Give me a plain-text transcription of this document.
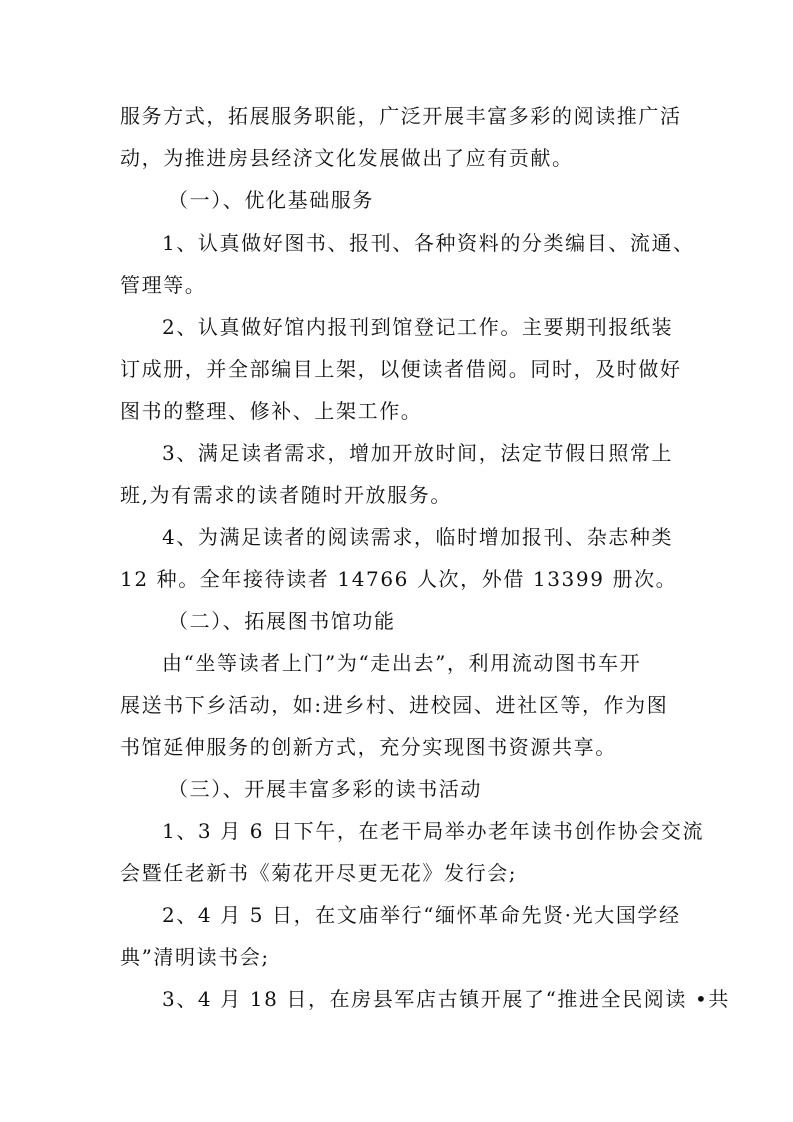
服务方式，拓展服务职能，广泛开展丰富多彩的阅读推广活
动，为推进房县经济文化发展做出了应有贡献。
（一）、优化基础服务
1、认真做好图书、报刊、各种资料的分类编目、流通、
管理等。
2、认真做好馆内报刊到馆登记工作。主要期刊报纸装
订成册，并全部编目上架，以便读者借阅。同时，及时做好
图书的整理、修补、上架工作。
3、满足读者需求，增加开放时间，法定节假日照常上
班,为有需求的读者随时开放服务。
4、为满足读者的阅读需求，临时增加报刊、杂志种类
12 种。全年接待读者 14766 人次，外借 13399 册次。
（二）、拓展图书馆功能
由“坐等读者上门”为“走出去”，利用流动图书车开
展送书下乡活动，如:进乡村、进校园、进社区等，作为图
书馆延伸服务的创新方式，充分实现图书资源共享。
（三）、开展丰富多彩的读书活动
1、3 月 6 日下午，在老干局举办老年读书创作协会交流
会暨任老新书《菊花开尽更无花》发行会;
2、4 月 5 日，在文庙举行“缅怀革命先贤·光大国学经
典”清明读书会;
3、4 月 18 日，在房县军店古镇开展了“推进全民阅读 •共
